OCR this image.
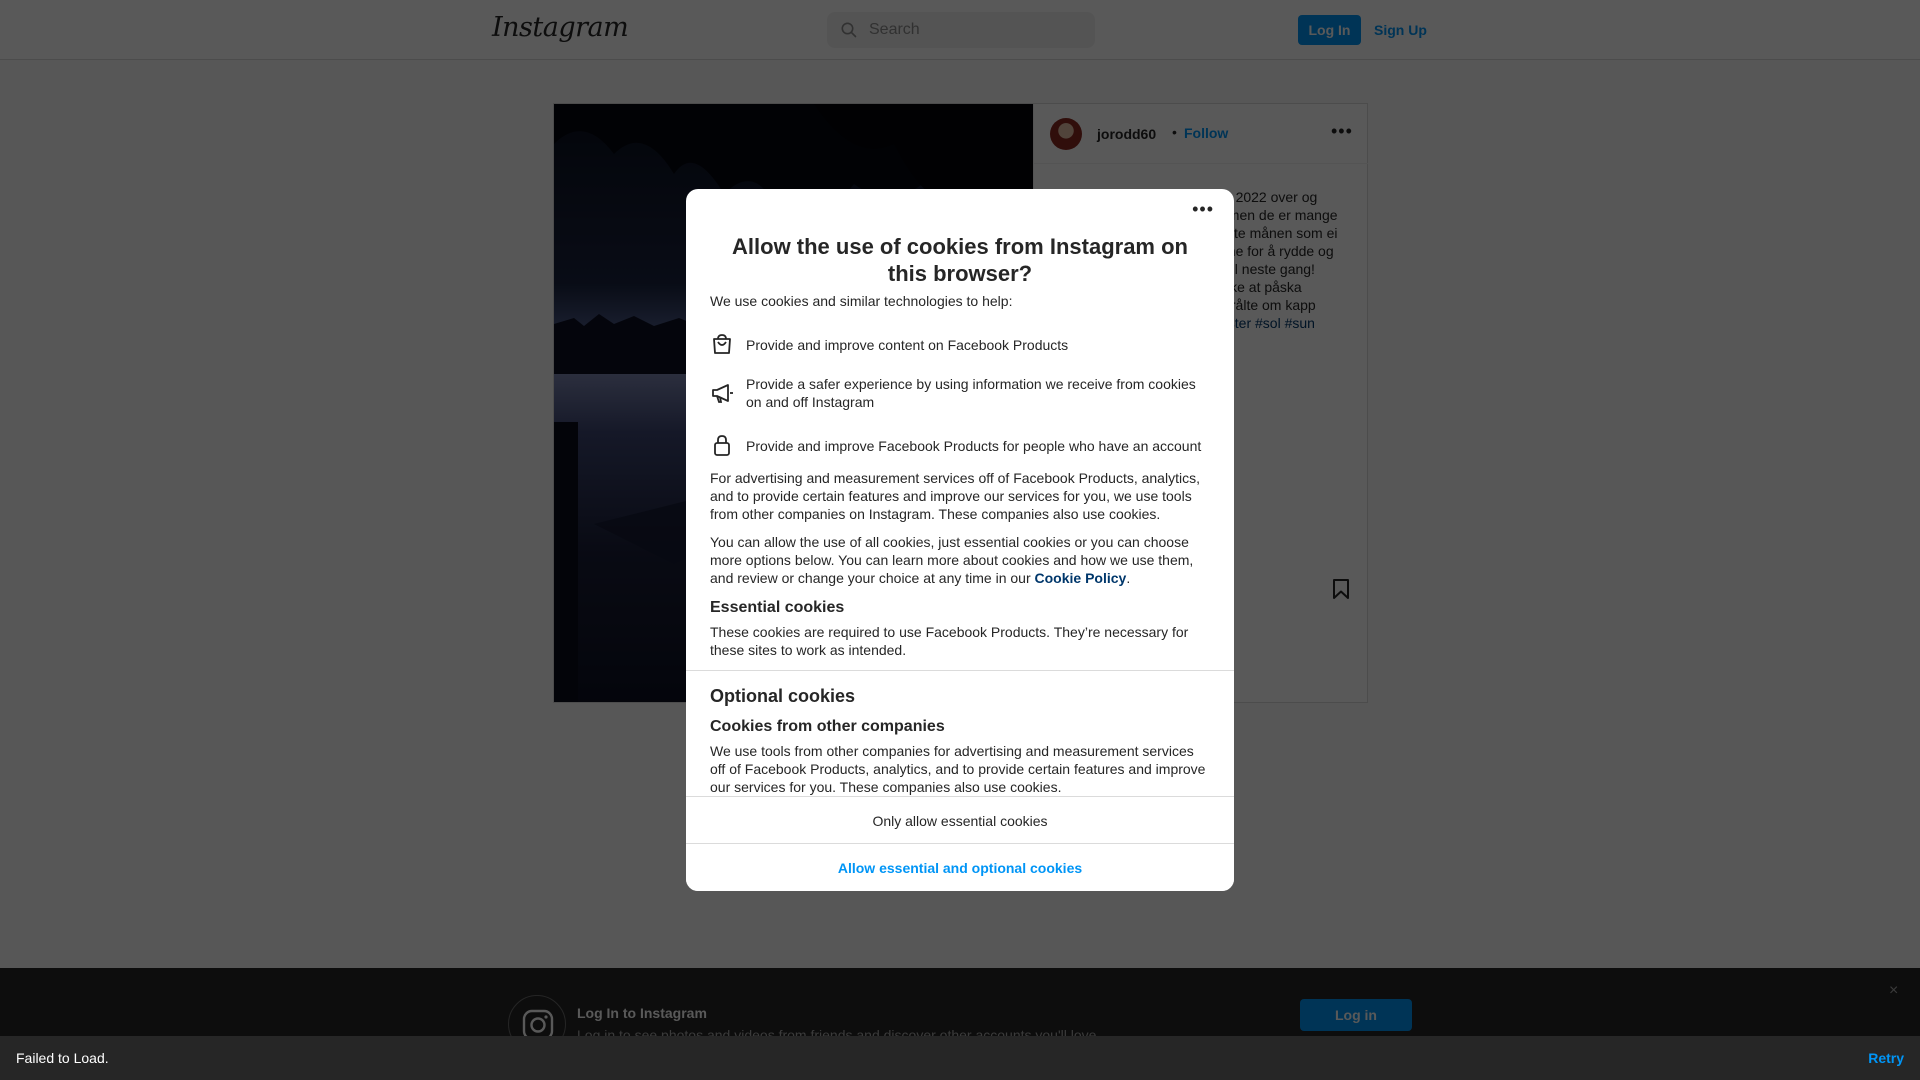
Search
•••
Allow the use of cookies from Instagram on this browser?
We use cookies and similar technologies to help:
Provide and improve content on Facebook Products
Provide a safer experience by using information we receive from cookies on and off Instagram
Provide and improve Facebook Products for people who have an account
For advertising and measurement services off of Facebook Products, analytics, and to provide certain features and improve our services for you, we use tools from other companies on Instagram. These companies also use cookies.
You can allow the use of all cookies, just essential cookies or you can choose more options below. You can learn more about cookies and how we use them, and review or change your choice at any time in our Cookie Policy.
Essential cookies
These cookies are required to use Facebook Products. They’re necessary for these sites to work as intended.
Optional cookies
Cookies from other companies
We use tools from other companies for advertising and measurement services off of Facebook Products, analytics, and to provide certain features and improve our services for you. These companies also use cookies.
Only allow essential cookies
Allow essential and optional cookies
Failed to Load.	Retry
